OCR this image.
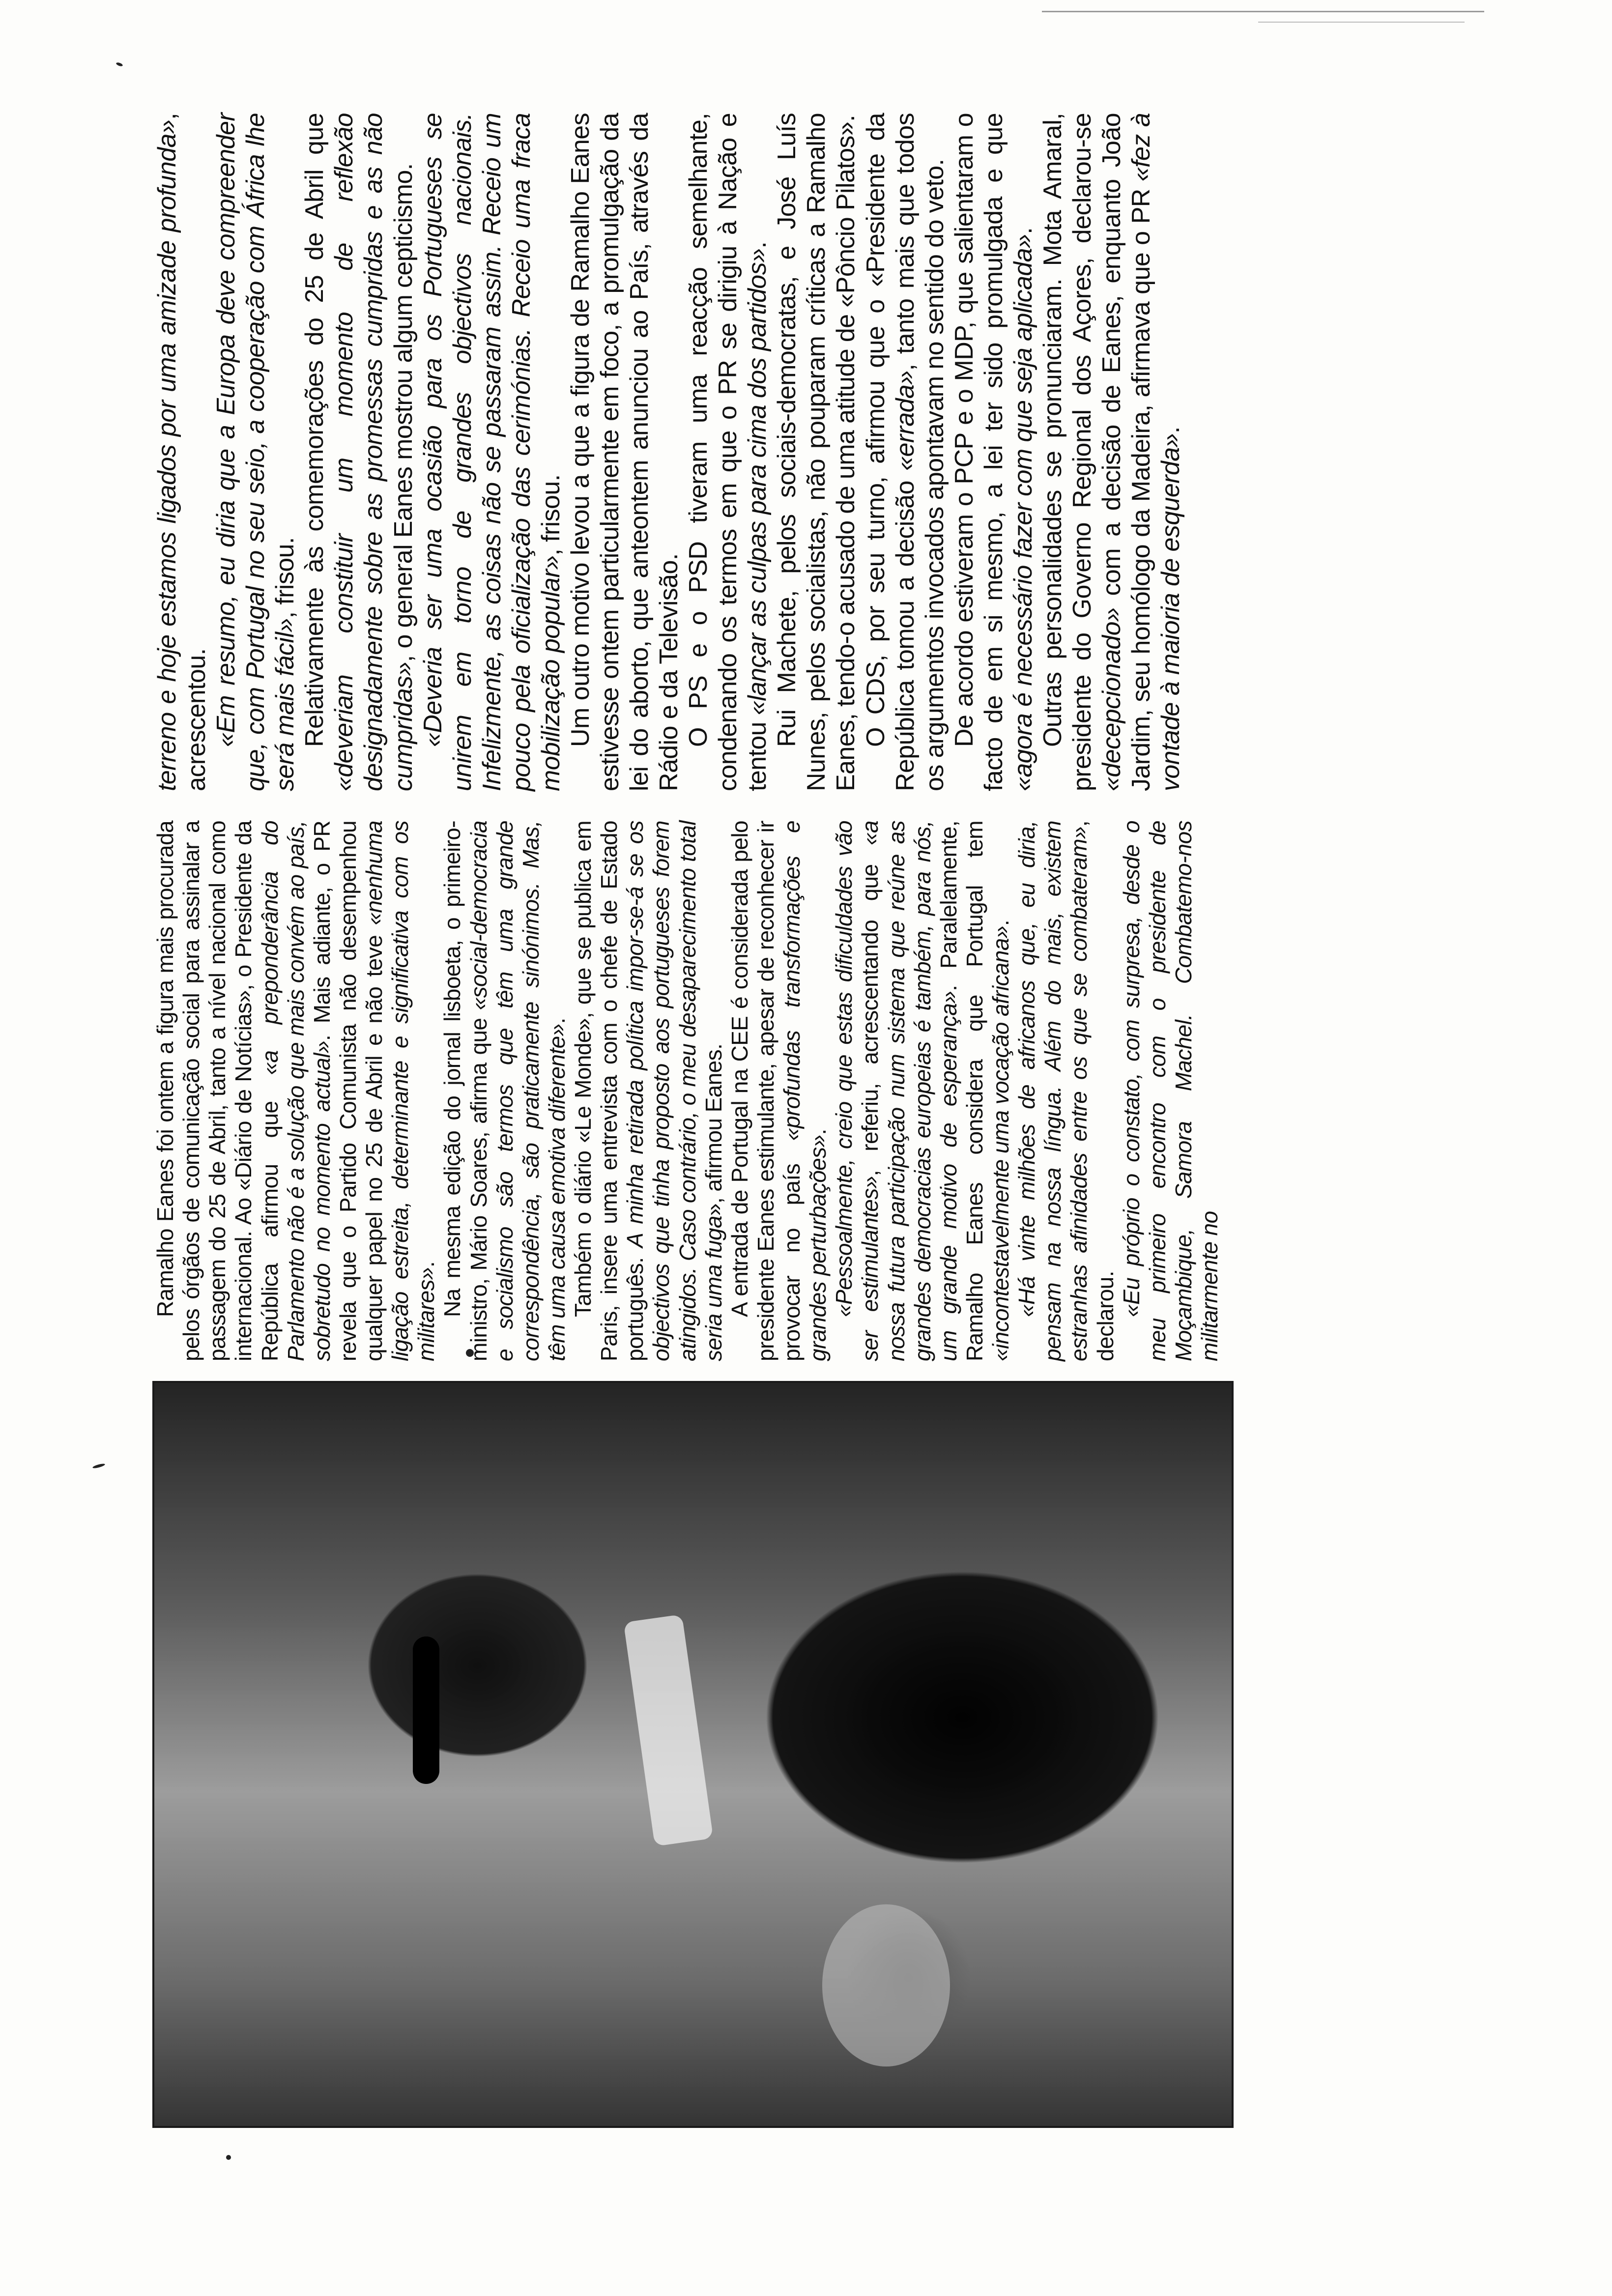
Ramalho Eanes foi ontem a figura mais procurada pelos órgãos de comunicação social para assinalar a passagem do 25 de Abril, tanto a nível nacional como internacional. Ao «Diário de Notícias», o Presidente da República afirmou que «a preponderância do Parlamento não é a solução que mais convém ao país, sobretudo no momento actual». Mais adiante, o PR revela que o Partido Comunista não desempenhou qualquer papel no 25 de Abril e não teve «nenhuma ligação estreita, determinante e significativa com os militares». Na mesma edição do jornal lisboeta, o primeiro-ministro, Mário Soares, afirma que «social-democracia e socialismo são termos que têm uma grande correspondência, são praticamente sinónimos. Mas, têm uma causa emotiva diferente». Também o diário «Le Monde», que se publica em Paris, insere uma entrevista com o chefe de Estado português. A minha retirada política impor-se-á se os objectivos que tinha proposto aos portugueses forem atingidos. Caso contrário, o meu desaparecimento total seria uma fuga», afirmou Eanes. A entrada de Portugal na CEE é considerada pelo presidente Eanes estimulante, apesar de reconhecer ir provocar no país «profundas transformações e grandes perturbações». «Pessoalmente, creio que estas dificuldades vão ser estimulantes», referiu, acrescentando que «a nossa futura participação num sistema que reúne as grandes democracias europeias é também, para nós, um grande motivo de esperança». Paralelamente, Ramalho Eanes considera que Portugal tem «incontestavelmente uma vocação africana». «Há vinte milhões de africanos que, eu diria, pensam na nossa língua. Além do mais, existem estranhas afinidades entre os que se combateram», declarou. «Eu próprio o constato, com surpresa, desde o meu primeiro encontro com o presidente de Moçambique, Samora Machel. Combatemo-nos militarmente no

terreno e hoje estamos ligados por uma amizade profunda», acrescentou. «Em resumo, eu diria que a Europa deve compreender que, com Portugal no seu seio, a cooperação com África lhe será mais fácil», frisou. Relativamente às comemorações do 25 de Abril que «deveriam constituir um momento de reflexão designadamente sobre as promessas cumpridas e as não cumpridas», o general Eanes mostrou algum cepticismo. «Deveria ser uma ocasião para os Portugueses se unirem em torno de grandes objectivos nacionais. Infelizmente, as coisas não se passaram assim. Receio um pouco pela oficialização das cerimónias. Receio uma fraca mobilização popular», frisou. Um outro motivo levou a que a figura de Ramalho Eanes estivesse ontem particularmente em foco, a promulgação da lei do aborto, que anteontem anunciou ao País, através da Rádio e da Televisão. O PS e o PSD tiveram uma reacção semelhante, condenando os termos em que o PR se dirigiu à Nação e tentou «lançar as culpas para cima dos partidos». Rui Machete, pelos sociais-democratas, e José Luís Nunes, pelos socialistas, não pouparam críticas a Ramalho Eanes, tendo-o acusado de uma atitude de «Pôncio Pilatos». O CDS, por seu turno, afirmou que o «Presidente da República tomou a decisão «errada», tanto mais que todos os argumentos invocados apontavam no sentido do veto. De acordo estiveram o PCP e o MDP, que salientaram o facto de em si mesmo, a lei ter sido promulgada e que «agora é necessário fazer com que seja aplicada». Outras personalidades se pronunciaram. Mota Amaral, presidente do Governo Regional dos Açores, declarou-se «decepcionado» com a decisão de Eanes, enquanto João Jardim, seu homólogo da Madeira, afirmava que o PR «fez à vontade à maioria de esquerda».
